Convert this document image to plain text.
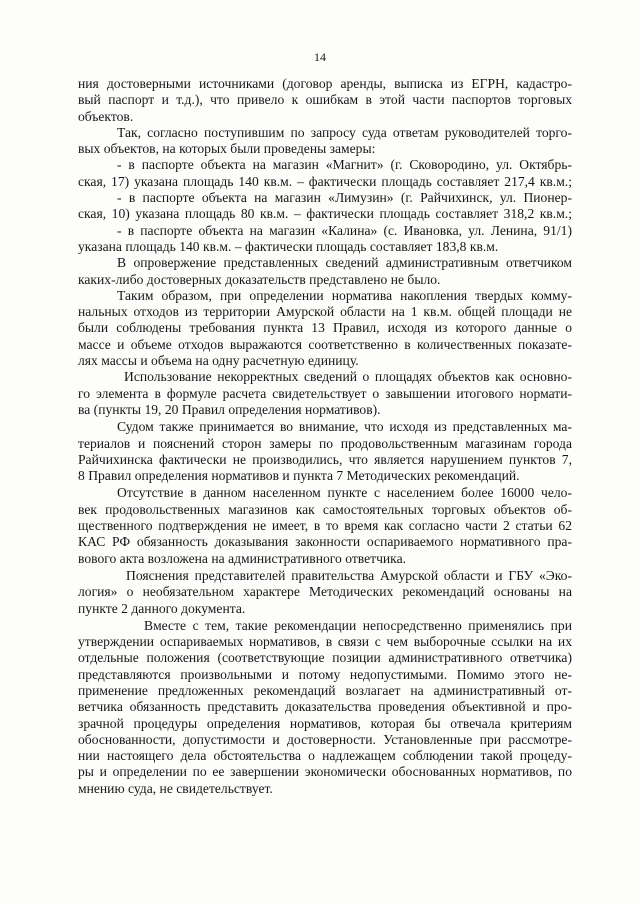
14
ния достоверными источниками (договор аренды, выписка из ЕГРН, кадастро-
вый паспорт и т.д.), что привело к ошибкам в этой части паспортов торговых
объектов.
Так, согласно поступившим по запросу суда ответам руководителей торго-
вых объектов, на которых были проведены замеры:
- в паспорте объекта на магазин «Магнит» (г. Сковородино, ул. Октябрь-
ская, 17) указана площадь 140 кв.м. – фактически площадь составляет 217,4 кв.м.;
- в паспорте объекта на магазин «Лимузин» (г. Райчихинск, ул. Пионер-
ская, 10) указана площадь 80 кв.м. – фактически площадь составляет 318,2 кв.м.;
- в паспорте объекта на магазин «Калина» (с. Ивановка, ул. Ленина, 91/1)
указана площадь 140 кв.м. – фактически площадь составляет 183,8 кв.м.
В опровержение представленных сведений административным ответчиком
каких-либо достоверных доказательств представлено не было.
Таким образом, при определении норматива накопления твердых комму-
нальных отходов из территории Амурской области на 1 кв.м. общей площади не
были соблюдены требования пункта 13 Правил, исходя из которого данные о
массе и объеме отходов выражаются соответственно в количественных показате-
лях массы и объема на одну расчетную единицу.
Использование некорректных сведений о площадях объектов как основно-
го элемента в формуле расчета свидетельствует о завышении итогового нормати-
ва (пункты 19, 20 Правил определения нормативов).
Судом также принимается во внимание, что исходя из представленных ма-
териалов и пояснений сторон замеры по продовольственным магазинам города
Райчихинска фактически не производились, что является нарушением пунктов 7,
8 Правил определения нормативов и пункта 7 Методических рекомендаций.
Отсутствие в данном населенном пункте с населением более 16000 чело-
век продовольственных магазинов как самостоятельных торговых объектов об-
щественного подтверждения не имеет, в то время как согласно части 2 статьи 62
КАС РФ обязанность доказывания законности оспариваемого нормативного пра-
вового акта возложена на административного ответчика.
Пояснения представителей правительства Амурской области и ГБУ «Эко-
логия» о необязательном характере Методических рекомендаций основаны на
пункте 2 данного документа.
Вместе с тем, такие рекомендации непосредственно применялись при
утверждении оспариваемых нормативов, в связи с чем выборочные ссылки на их
отдельные положения (соответствующие позиции административного ответчика)
представляются произвольными и потому недопустимыми. Помимо этого не-
применение предложенных рекомендаций возлагает на административный от-
ветчика обязанность представить доказательства проведения объективной и про-
зрачной процедуры определения нормативов, которая бы отвечала критериям
обоснованности, допустимости и достоверности. Установленные при рассмотре-
нии настоящего дела обстоятельства о надлежащем соблюдении такой процеду-
ры и определении по ее завершении экономически обоснованных нормативов, по
мнению суда, не свидетельствует.
